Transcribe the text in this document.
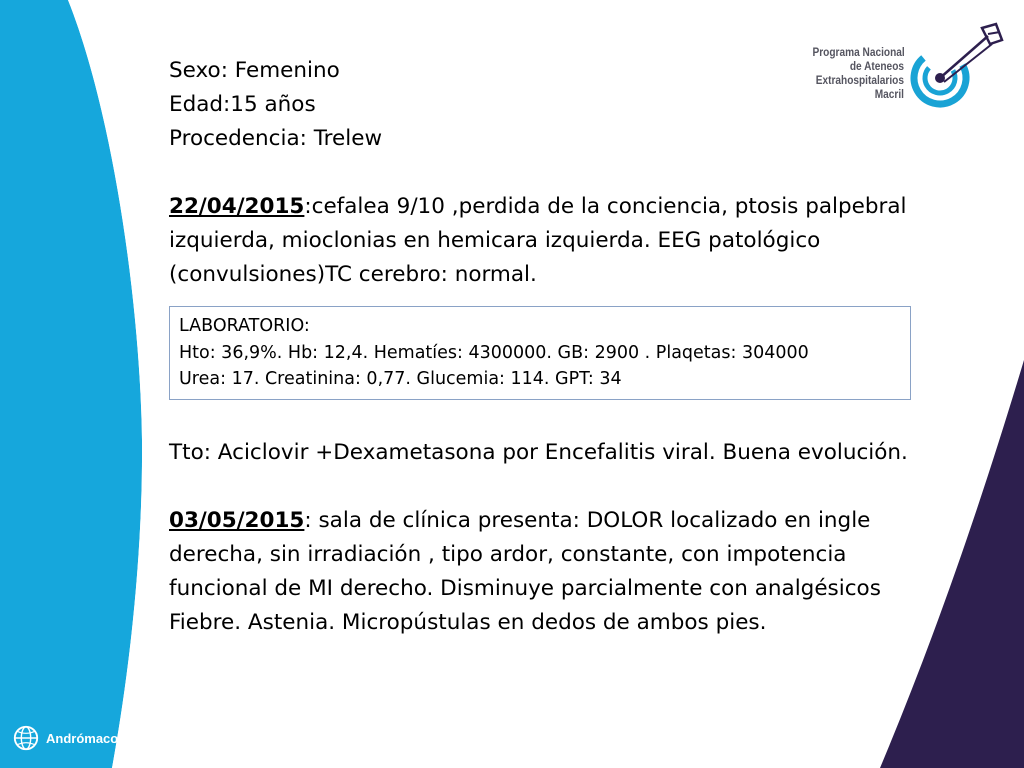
Programa Nacional
de Ateneos
Extrahospitalarios
Macril

Sexo: Femenino

Edad:15 años

Procedencia: Trelew

22/04/2015:cefalea 9/10 ,perdida de la conciencia, ptosis palpebral izquierda, mioclonias en hemicara izquierda. EEG patológico (convulsiones)TC cerebro: normal.

LABORATORIO:
Hto: 36,9%. Hb: 12,4. Hematíes: 4300000. GB: 2900 . Plaqetas: 304000
Urea: 17. Creatinina: 0,77. Glucemia: 114. GPT: 34

Tto: Aciclovir +Dexametasona por Encefalitis viral. Buena evolución.

03/05/2015: sala de clínica presenta: DOLOR localizado en ingle derecha, sin irradiación , tipo ardor, constante, con impotencia funcional de MI derecho. Disminuye parcialmente con analgésicos Fiebre. Astenia. Micropústulas en dedos de ambos pies.

Andrómaco
